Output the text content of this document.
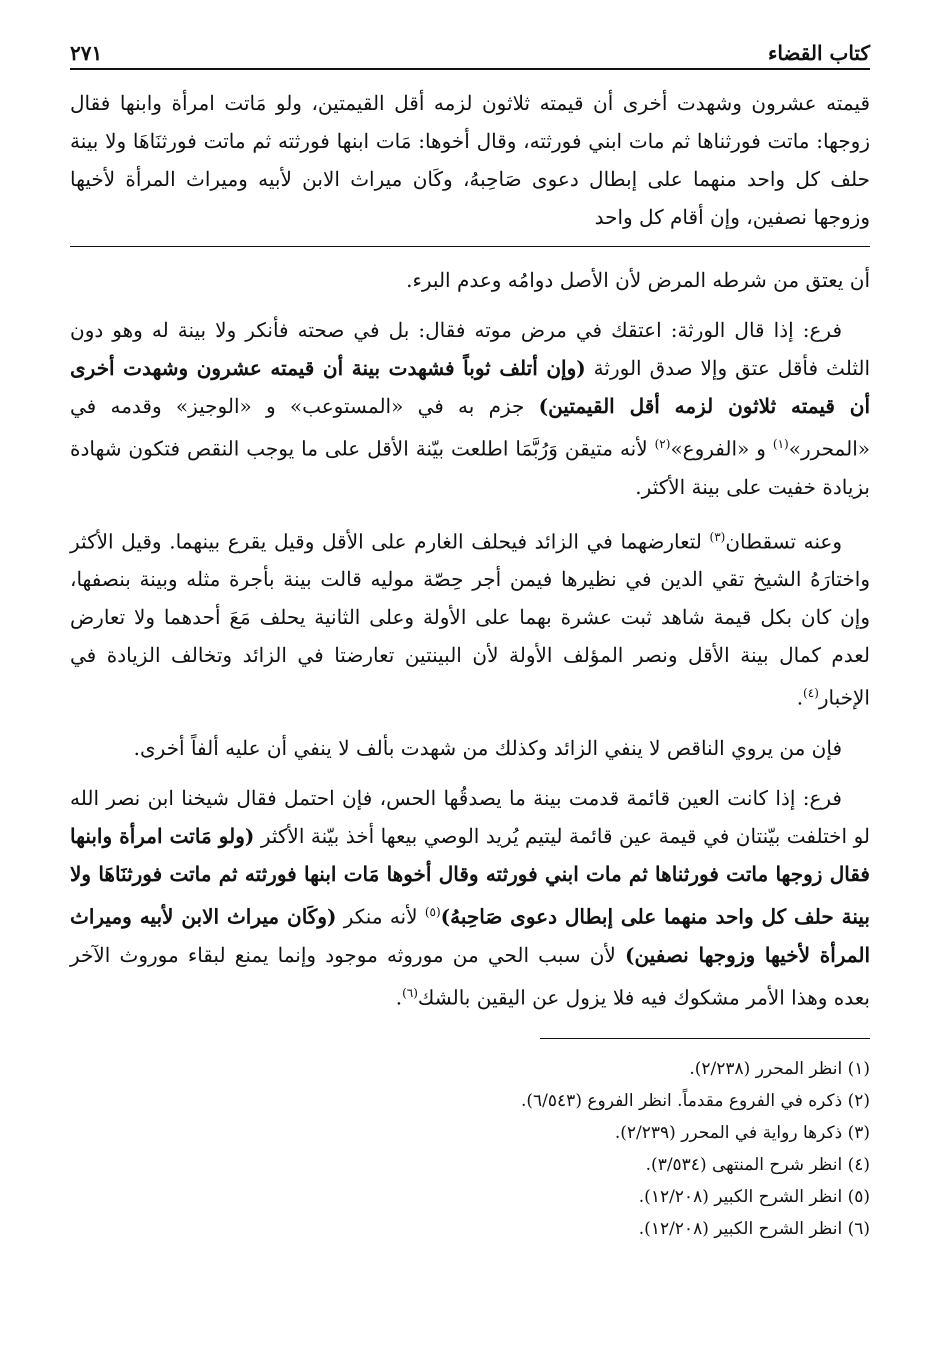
كتاب القضاء
٢٧١

قيمته عشرون وشهدت أخرى أن قيمته ثلاثون لزمه أقل القيمتين، ولو مَاتت امرأة وابنها فقال زوجها: ماتت فورثناها ثم مات ابني فورثته، وقال أخوها: مَات ابنها فورثته ثم ماتت فورثنَاهَا ولا بينة حلف كل واحد منهما على إبطال دعوى صَاحِبهُ، وكَان ميراث الابن لأبيه وميراث المرأة لأخيها وزوجها نصفين، وإن أقام كل واحد

أن يعتق من شرطه المرض لأن الأصل دوامُه وعدم البرء.

فرع: إذا قال الورثة: اعتقك في مرض موته فقال: بل في صحته فأنكر ولا بينة له وهو دون الثلث فأقل عتق وإلا صدق الورثة (وإن أتلف ثوباً فشهدت بينة أن قيمته عشرون وشهدت أخرى أن قيمته ثلاثون لزمه أقل القيمتين) جزم به في «المستوعب» و «الوجيز» وقدمه في «المحرر»$^{(١)}$ و «الفروع»$^{(٢)}$ لأنه متيقن وَرُبَّمَا اطلعت بيّنة الأقل على ما يوجب النقص فتكون شهادة بزيادة خفيت على بينة الأكثر.

وعنه تسقطان$^{(٣)}$ لتعارضهما في الزائد فيحلف الغارم على الأقل وقيل يقرع بينهما. وقيل الأكثر واختارَهُ الشيخ تقي الدين في نظيرها فيمن أجر حِصّة موليه قالت بينة بأجرة مثله وبينة بنصفها، وإن كان بكل قيمة شاهد ثبت عشرة بهما على الأولة وعلى الثانية يحلف مَعَ أحدهما ولا تعارض لعدم كمال بينة الأقل ونصر المؤلف الأولة لأن البينتين تعارضتا في الزائد وتخالف الزيادة في الإخبار$^{(٤)}$.

فإن من يروي الناقص لا ينفي الزائد وكذلك من شهدت بألف لا ينفي أن عليه ألفاً أخرى.

فرع: إذا كانت العين قائمة قدمت بينة ما يصدقُها الحس، فإن احتمل فقال شيخنا ابن نصر الله لو اختلفت بيّنتان في قيمة عين قائمة ليتيم يُريد الوصي بيعها أخذ بيّنة الأكثر (ولو مَاتت امرأة وابنها فقال زوجها ماتت فورثناها ثم مات ابني فورثته وقال أخوها مَات ابنها فورثته ثم ماتت فورثنَاهَا ولا بينة حلف كل واحد منهما على إبطال دعوى صَاحِبهُ)$^{(٥)}$ لأنه منكر (وكَان ميراث الابن لأبيه وميراث المرأة لأخيها وزوجها نصفين) لأن سبب الحي من موروثه موجود وإنما يمنع لبقاء موروث الآخر بعده وهذا الأمر مشكوك فيه فلا يزول عن اليقين بالشك$^{(٦)}$.

(١) انظر المحرر (٢/٢٣٨).
(٢) ذكره في الفروع مقدماً. انظر الفروع (٦/٥٤٣).
(٣) ذكرها رواية في المحرر (٢/٢٣٩).
(٤) انظر شرح المنتهى (٣/٥٣٤).
(٥) انظر الشرح الكبير (١٢/٢٠٨).
(٦) انظر الشرح الكبير (١٢/٢٠٨).
